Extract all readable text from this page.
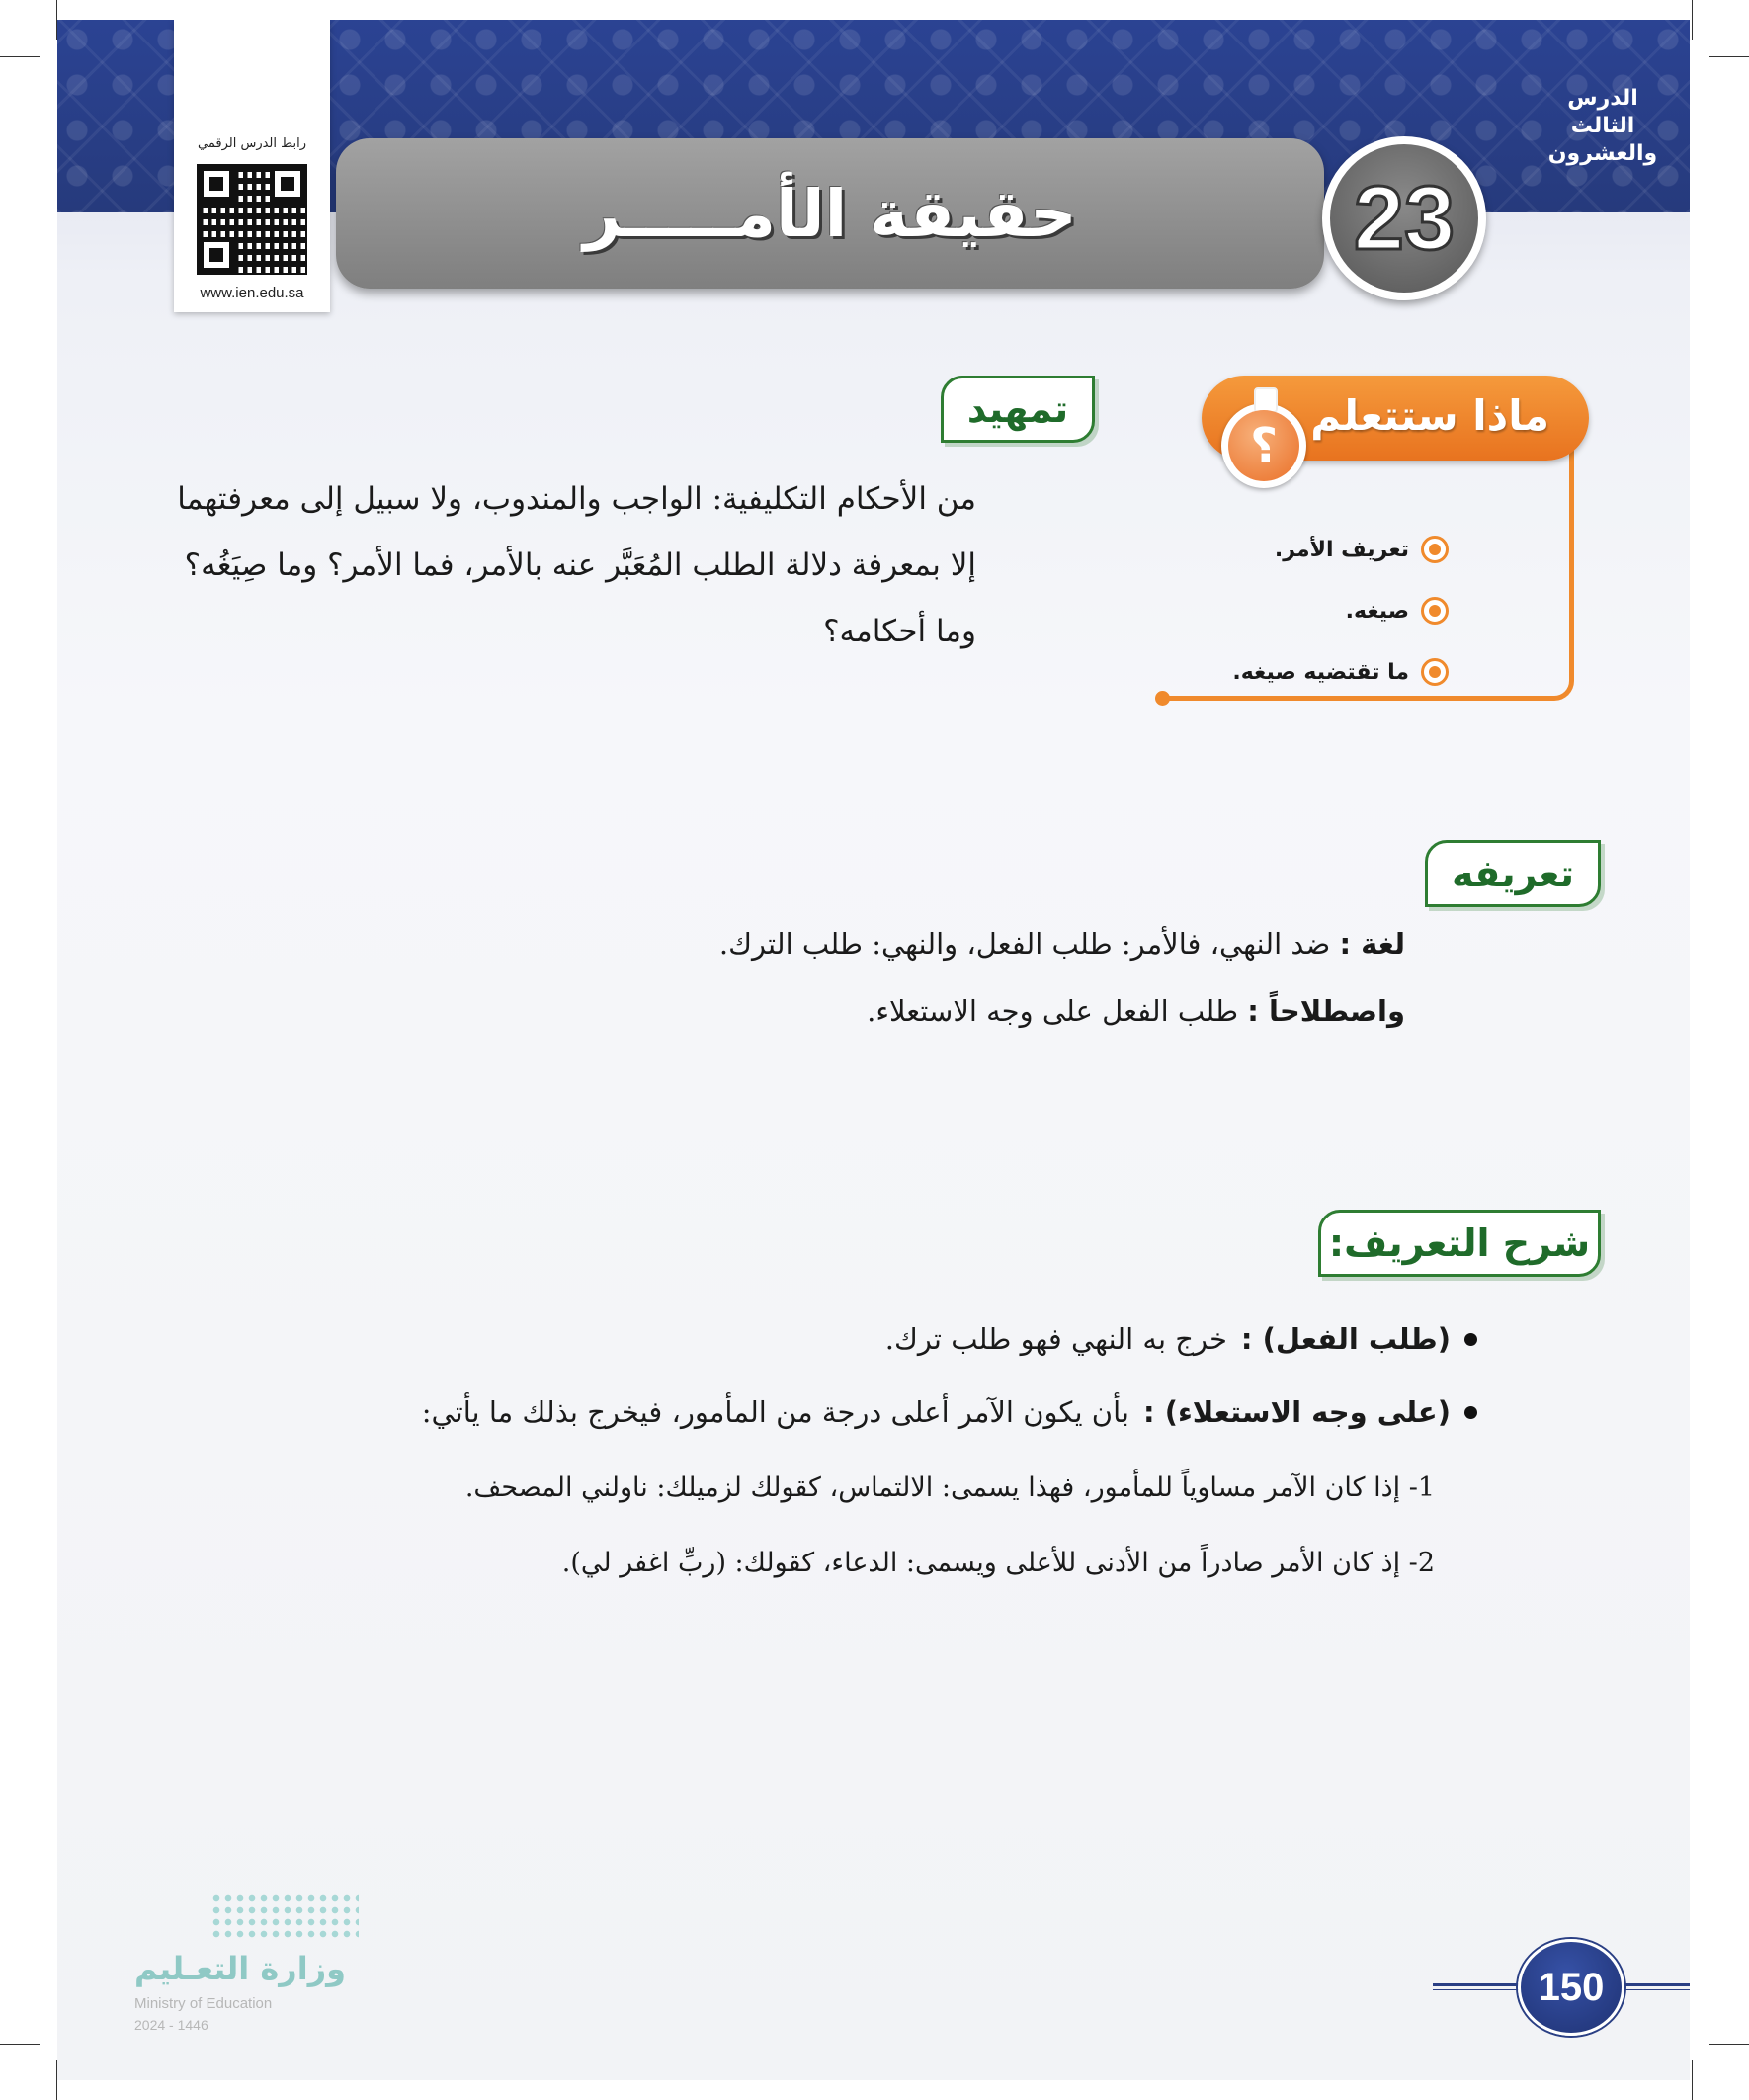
الدرس
الثالث
والعشرون
حقيقة الأمـــــر	23
رابط الدرس الرقمي
www.ien.edu.sa
ماذا ستتعلم
؟
تعريف الأمر.
صيغه.
ما تقتضيه صيغه.
تمهيد
من الأحكام التكليفية: الواجب والمندوب، ولا سبيل إلى معرفتهما إلا بمعرفة دلالة الطلب المُعَبَّر عنه بالأمر، فما الأمر؟ وما صِيَغُه؟ وما أحكامه؟
تعريفه
لغة : ضد النهي، فالأمر: طلب الفعل، والنهي: طلب الترك.
واصطلاحاً : طلب الفعل على وجه الاستعلاء.
شرح التعريف:
(طلب الفعل) :
خرج به النهي فهو طلب ترك.
(على وجه الاستعلاء) :
بأن يكون الآمر أعلى درجة من المأمور، فيخرج بذلك ما يأتي:
1- إذا كان الآمر مساوياً للمأمور، فهذا يسمى: الالتماس، كقولك لزميلك: ناولني المصحف.
2- إذ كان الأمر صادراً من الأدنى للأعلى ويسمى: الدعاء، كقولك: (ربِّ اغفر لي).
وزارة التعـليم
Ministry of Education
2024 - 1446
150
